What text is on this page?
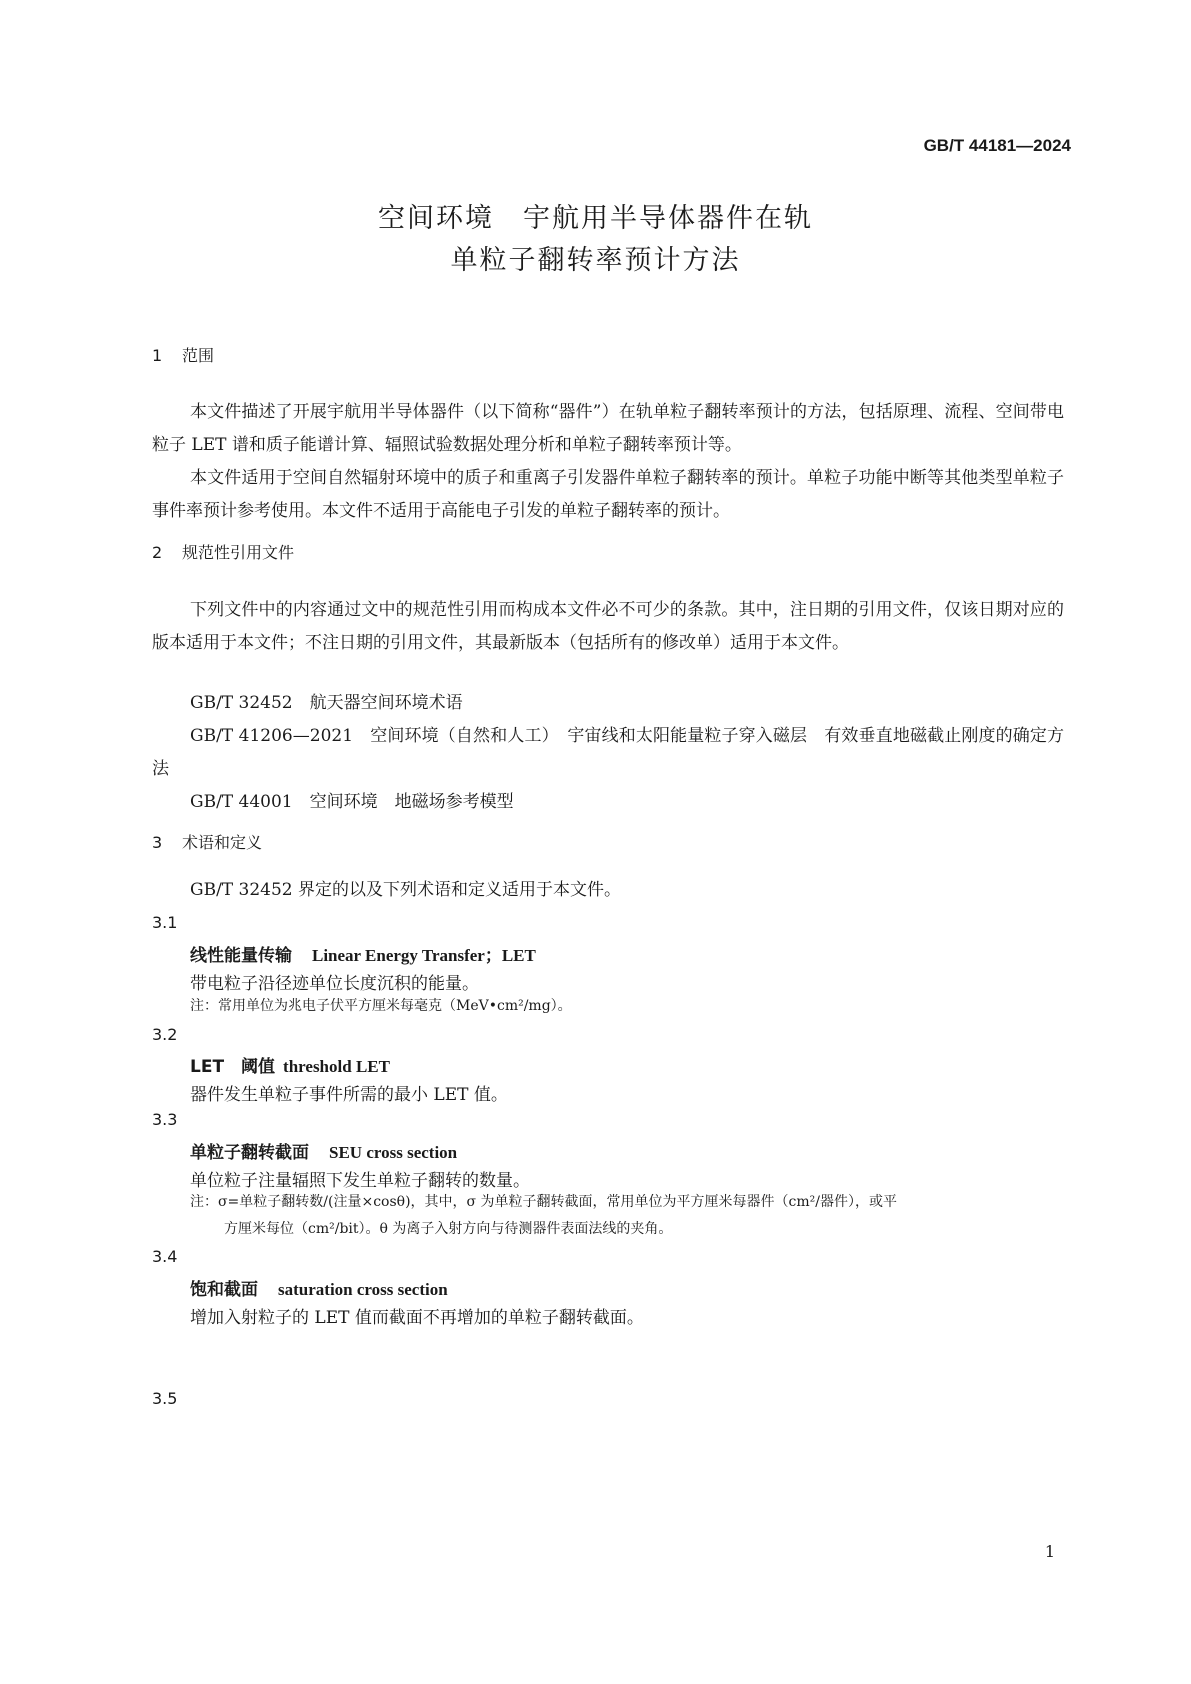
GB/T 44181—2024
空间环境　宇航用半导体器件在轨
单粒子翻转率预计方法
1 范围
本文件描述了开展宇航用半导体器件（以下简称“器件”）在轨单粒子翻转率预计的方法，包括原理、流程、空间带电粒子 LET 谱和质子能谱计算、辐照试验数据处理分析和单粒子翻转率预计等。
本文件适用于空间自然辐射环境中的质子和重离子引发器件单粒子翻转率的预计。单粒子功能中断等其他类型单粒子事件率预计参考使用。本文件不适用于高能电子引发的单粒子翻转率的预计。
2 规范性引用文件
下列文件中的内容通过文中的规范性引用而构成本文件必不可少的条款。其中，注日期的引用文件，仅该日期对应的版本适用于本文件；不注日期的引用文件，其最新版本（包括所有的修改单）适用于本文件。
GB/T 32452　航天器空间环境术语
GB/T 41206—2021　空间环境（自然和人工）　宇宙线和太阳能量粒子穿入磁层　有效垂直地磁截止刚度的确定方法
GB/T 44001　空间环境　地磁场参考模型
3 术语和定义
GB/T 32452 界定的以及下列术语和定义适用于本文件。
3.1
线性能量传输 Linear Energy Transfer；LET
带电粒子沿径迹单位长度沉积的能量。
注：常用单位为兆电子伏平方厘米每毫克（MeV•cm²/mg）。
3.2
LET　阈值 threshold LET
器件发生单粒子事件所需的最小 LET 值。
3.3
单粒子翻转截面 SEU cross section
单位粒子注量辐照下发生单粒子翻转的数量。
注：σ=单粒子翻转数/(注量×cosθ)，其中，σ 为单粒子翻转截面，常用单位为平方厘米每器件（cm²/器件），或平
方厘米每位（cm²/bit）。θ 为离子入射方向与待测器件表面法线的夹角。
3.4
饱和截面 saturation cross section
增加入射粒子的 LET 值而截面不再增加的单粒子翻转截面。
3.5
1
